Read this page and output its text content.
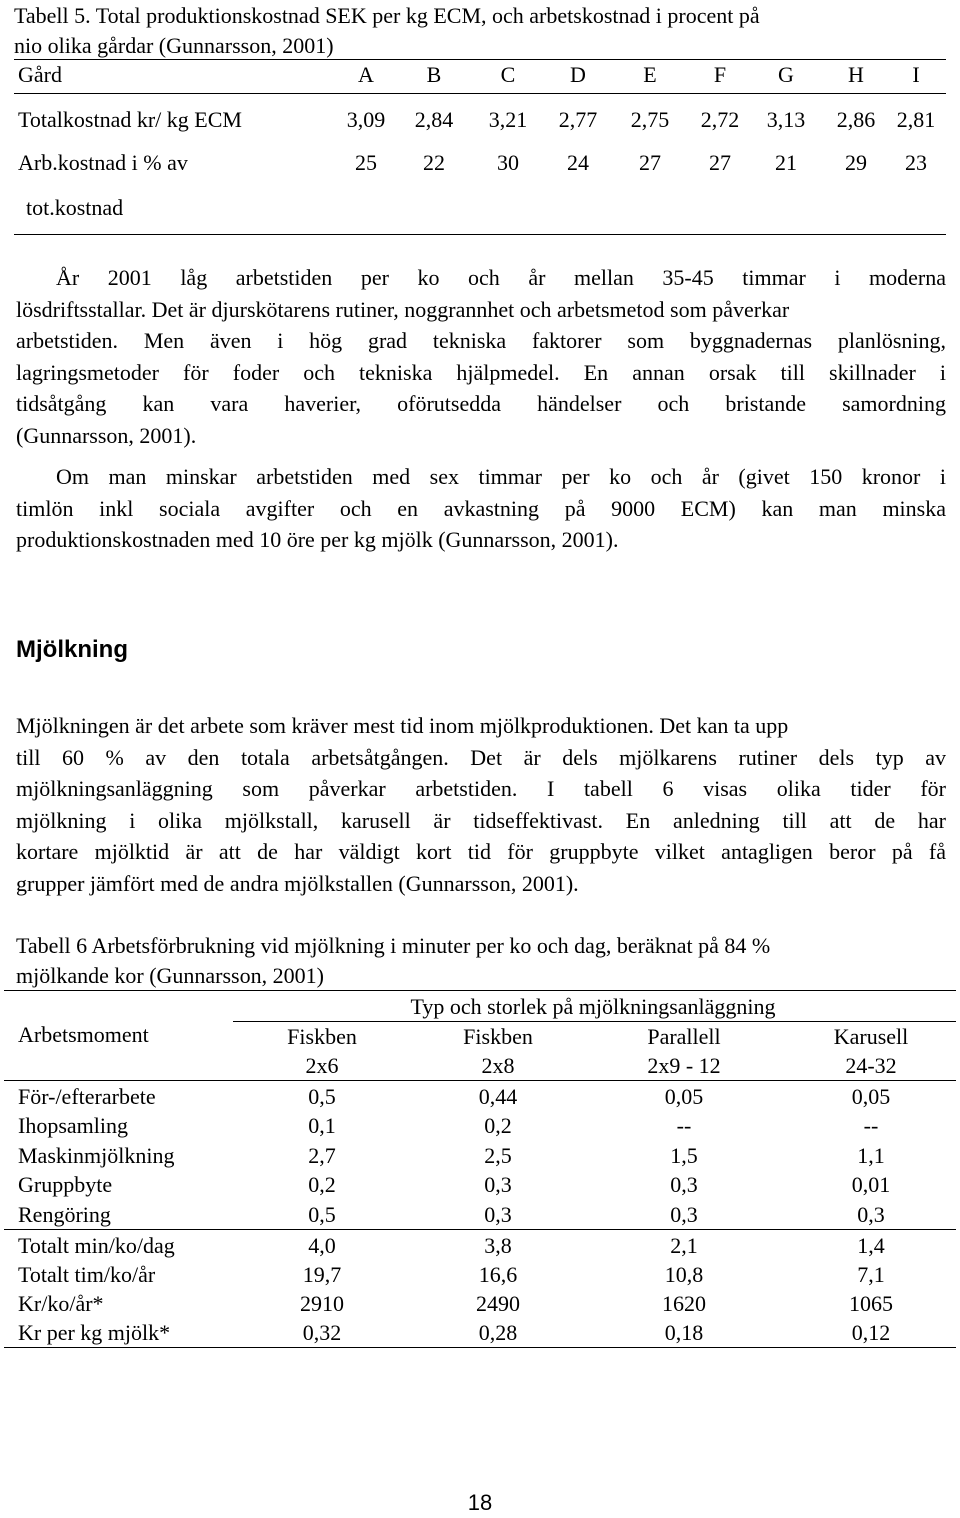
Tabell 5. Total produktionskostnad SEK per kg ECM, och arbetskostnad i procent på
nio olika gårdar (Gunnarsson, 2001)
Gård	A	B	C	D	E	F	G	H	I
Totalkostnad kr/ kg ECM	3,09	2,84	3,21	2,77	2,75	2,72	3,13	2,86 2,81
Arb.kostnad i % av	25	22	30	24	27	27	21	29	23
tot.kostnad
År 2001 låg arbetstiden per ko och år mellan 35-45 timmar i moderna
lösdriftsstallar. Det är djurskötarens rutiner, noggrannhet och arbetsmetod som påverkar
arbetstiden. Men även i hög grad tekniska faktorer som byggnadernas planlösning,
lagringsmetoder för foder och tekniska hjälpmedel. En annan orsak till skillnader i
tidsåtgång kan vara haverier, oförutsedda händelser och bristande samordning
(Gunnarsson, 2001).
Om man minskar arbetstiden med sex timmar per ko och år (givet 150 kronor i
timlön inkl sociala avgifter och en avkastning på 9000 ECM) kan man minska
produktionskostnaden med 10 öre per kg mjölk (Gunnarsson, 2001).
Mjölkning
Mjölkningen är det arbete som kräver mest tid inom mjölkproduktionen. Det kan ta upp
till 60 % av den totala arbetsåtgången. Det är dels mjölkarens rutiner dels typ av
mjölkningsanläggning som påverkar arbetstiden. I tabell 6 visas olika tider för
mjölkning i olika mjölkstall, karusell är tidseffektivast. En anledning till att de har
kortare mjölktid är att de har väldigt kort tid för gruppbyte vilket antagligen beror på få
grupper jämfört med de andra mjölkstallen (Gunnarsson, 2001).
Tabell 6 Arbetsförbrukning vid mjölkning i minuter per ko och dag, beräknat på 84 %
mjölkande kor (Gunnarsson, 2001)
Typ och storlek på mjölkningsanläggning
Arbetsmoment	Fiskben	Fiskben	Parallell	Karusell
2x6	2x8	2x9 - 12	24-32
För-/efterarbete	0,5	0,44	0,05	0,05
Ihopsamling	0,1	0,2	--	--
Maskinmjölkning	2,7	2,5	1,5	1,1
Gruppbyte	0,2	0,3	0,3	0,01
Rengöring	0,5	0,3	0,3	0,3
Totalt min/ko/dag	4,0	3,8	2,1	1,4
Totalt tim/ko/år	19,7	16,6	10,8	7,1
Kr/ko/år*	2910	2490	1620	1065
Kr per kg mjölk*	0,32	0,28	0,18	0,12
18
